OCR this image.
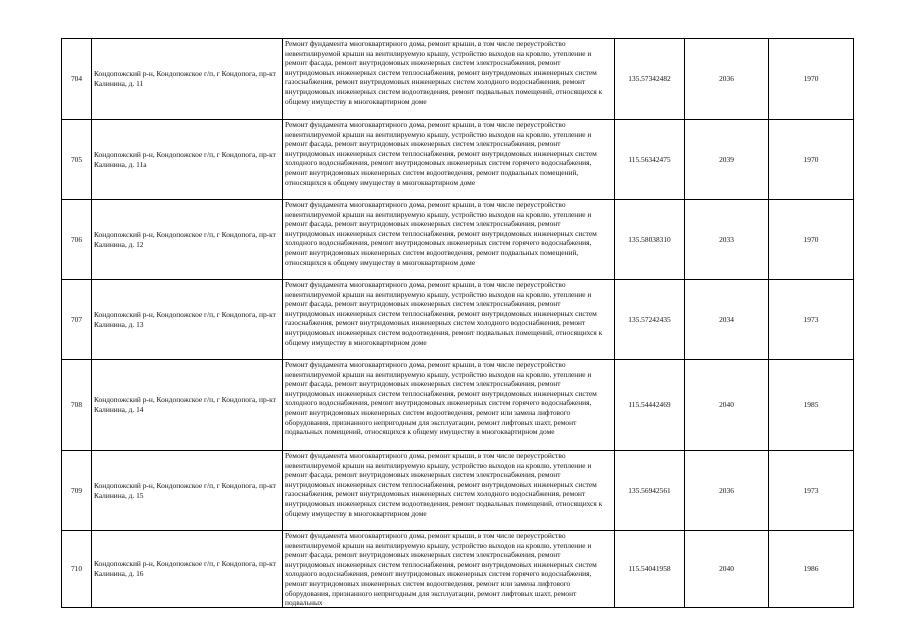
704	Кондопожский р-н, Кондопожское г/п, г Кондопога, пр-кт Калинина, д. 11	Ремонт фундамента многоквартирного дома, ремонт крыши, в том числе переустройство невентилируемой крыши на вентилируемую крышу, устройство выходов на кровлю, утепление и ремонт фасада, ремонт внутридомовых инженерных систем электроснабжения, ремонт внутридомовых инженерных систем теплоснабжения, ремонт внутридомовых инженерных систем газоснабжения, ремонт внутридомовых инженерных систем холодного водоснабжения, ремонт внутридомовых инженерных систем водоотведения, ремонт подвальных помещений, относящихся к общему имуществу в многоквартирном доме	135.57342482	2036	1970
705	Кондопожский р-н, Кондопожское г/п, г Кондопога, пр-кт Калинина, д. 11а	Ремонт фундамента многоквартирного дома, ремонт крыши, в том числе переустройство невентилируемой крыши на вентилируемую крышу, устройство выходов на кровлю, утепление и ремонт фасада, ремонт внутридомовых инженерных систем электроснабжения, ремонт внутридомовых инженерных систем теплоснабжения, ремонт внутридомовых инженерных систем холодного водоснабжения, ремонт внутридомовых инженерных систем горячего водоснабжения, ремонт внутридомовых инженерных систем водоотведения, ремонт подвальных помещений, относящихся к общему имуществу в многоквартирном доме	115.56342475	2039	1970
706	Кондопожский р-н, Кондопожское г/п, г Кондопога, пр-кт Калинина, д. 12	Ремонт фундамента многоквартирного дома, ремонт крыши, в том числе переустройство невентилируемой крыши на вентилируемую крышу, устройство выходов на кровлю, утепление и ремонт фасада, ремонт внутридомовых инженерных систем электроснабжения, ремонт внутридомовых инженерных систем теплоснабжения, ремонт внутридомовых инженерных систем холодного водоснабжения, ремонт внутридомовых инженерных систем горячего водоснабжения, ремонт внутридомовых инженерных систем водоотведения, ремонт подвальных помещений, относящихся к общему имуществу в многоквартирном доме	135.58038310	2033	1970
707	Кондопожский р-н, Кондопожское г/п, г Кондопога, пр-кт Калинина, д. 13	Ремонт фундамента многоквартирного дома, ремонт крыши, в том числе переустройство невентилируемой крыши на вентилируемую крышу, устройство выходов на кровлю, утепление и ремонт фасада, ремонт внутридомовых инженерных систем электроснабжения, ремонт внутридомовых инженерных систем теплоснабжения, ремонт внутридомовых инженерных систем газоснабжения, ремонт внутридомовых инженерных систем холодного водоснабжения, ремонт внутридомовых инженерных систем водоотведения, ремонт подвальных помещений, относящихся к общему имуществу в многоквартирном доме	135.57242435	2034	1973
708	Кондопожский р-н, Кондопожское г/п, г Кондопога, пр-кт Калинина, д. 14	Ремонт фундамента многоквартирного дома, ремонт крыши, в том числе переустройство невентилируемой крыши на вентилируемую крышу, устройство выходов на кровлю, утепление и ремонт фасада, ремонт внутридомовых инженерных систем электроснабжения, ремонт внутридомовых инженерных систем теплоснабжения, ремонт внутридомовых инженерных систем холодного водоснабжения, ремонт внутридомовых инженерных систем горячего водоснабжения, ремонт внутридомовых инженерных систем водоотведения, ремонт или замена лифтового оборудования, признанного непригодным для эксплуатации, ремонт лифтовых шахт, ремонт подвальных помещений, относящихся к общему имуществу в многоквартирном доме	115.54442469	2040	1985
709	Кондопожский р-н, Кондопожское г/п, г Кондопога, пр-кт Калинина, д. 15	Ремонт фундамента многоквартирного дома, ремонт крыши, в том числе переустройство невентилируемой крыши на вентилируемую крышу, устройство выходов на кровлю, утепление и ремонт фасада, ремонт внутридомовых инженерных систем электроснабжения, ремонт внутридомовых инженерных систем теплоснабжения, ремонт внутридомовых инженерных систем газоснабжения, ремонт внутридомовых инженерных систем холодного водоснабжения, ремонт внутридомовых инженерных систем водоотведения, ремонт подвальных помещений, относящихся к общему имуществу в многоквартирном доме	135.56942561	2036	1973
710	Кондопожский р-н, Кондопожское г/п, г Кондопога, пр-кт Калинина, д. 16	Ремонт фундамента многоквартирного дома, ремонт крыши, в том числе переустройство невентилируемой крыши на вентилируемую крышу, устройство выходов на кровлю, утепление и ремонт фасада, ремонт внутридомовых инженерных систем электроснабжения, ремонт внутридомовых инженерных систем теплоснабжения, ремонт внутридомовых инженерных систем холодного водоснабжения, ремонт внутридомовых инженерных систем горячего водоснабжения, ремонт внутридомовых инженерных систем водоотведения, ремонт или замена лифтового оборудования, признанного непригодным для эксплуатации, ремонт лифтовых шахт, ремонт подвальных	115.54041958	2040	1986
